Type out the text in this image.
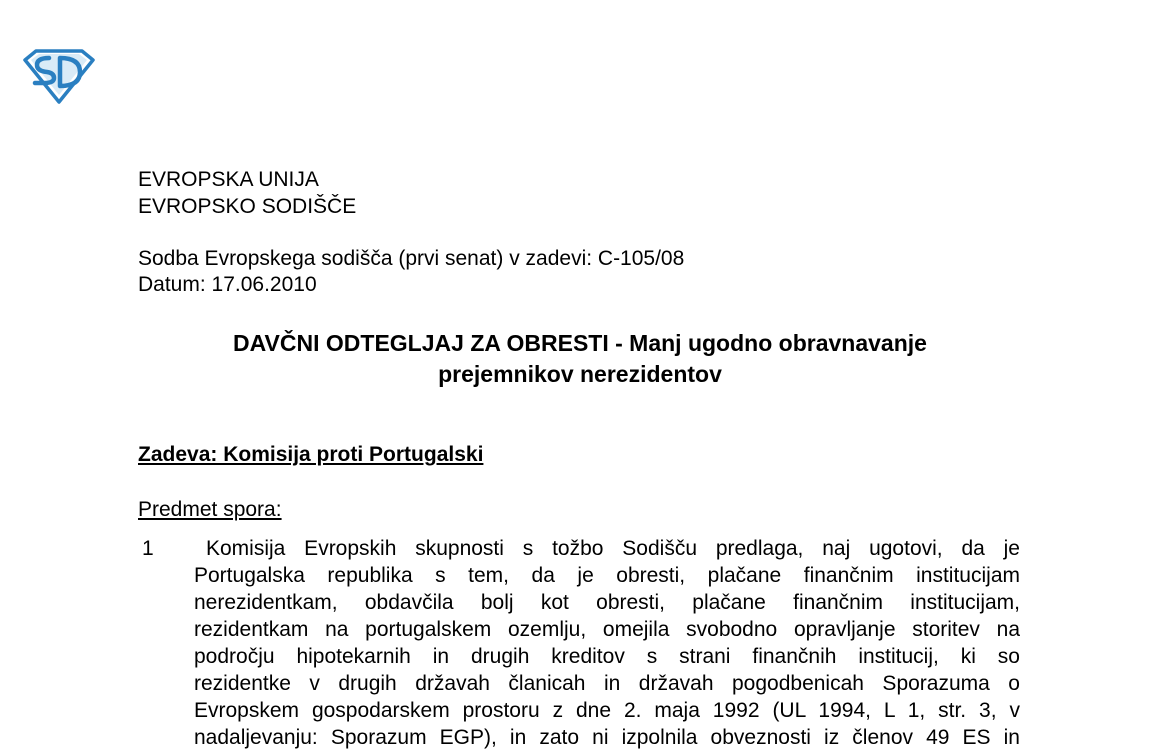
EVROPSKA UNIJA
EVROPSKO SODIŠČE
Sodba Evropskega sodišča (prvi senat) v zadevi: C-105/08
Datum: 17.06.2010
DAVČNI ODTEGLJAJ ZA OBRESTI - Manj ugodno obravnavanje
prejemnikov nerezidentov
Zadeva: Komisija proti Portugalski
Predmet spora:
1	Komisija Evropskih skupnosti s tožbo Sodišču predlaga, naj ugotovi, da je
Portugalska republika s tem, da je obresti, plačane finančnim institucijam
nerezidentkam, obdavčila bolj kot obresti, plačane finančnim institucijam,
rezidentkam na portugalskem ozemlju, omejila svobodno opravljanje storitev na
področju hipotekarnih in drugih kreditov s strani finančnih institucij, ki so
rezidentke v drugih državah članicah in državah pogodbenicah Sporazuma o
Evropskem gospodarskem prostoru z dne 2. maja 1992 (UL 1994, L 1, str. 3, v
nadaljevanju: Sporazum EGP), in zato ni izpolnila obveznosti iz členov 49 ES in
